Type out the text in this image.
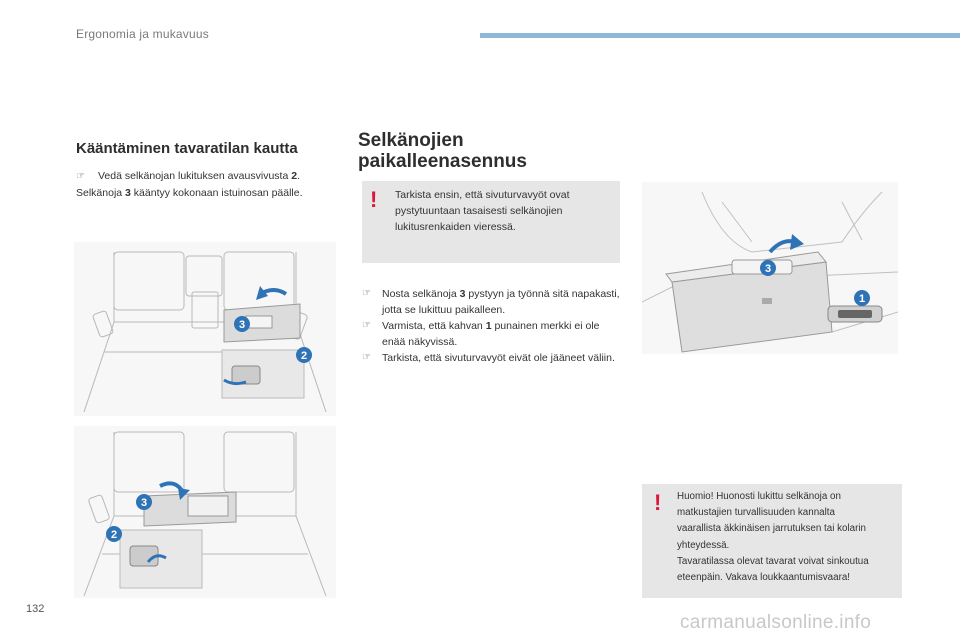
Ergonomia ja mukavuus
Kääntäminen tavaratilan kautta
☞ Vedä selkänojan lukituksen avausvivusta 2.
Selkänoja 3 kääntyy kokonaan istuinosan päälle.
3
2
3
2
Selkänojien
paikalleenasennus
! Tarkista ensin, että sivuturvavyöt ovat pystytuuntaan tasaisesti selkänojien lukitusrenkaiden vieressä.
☞	Nosta selkänoja 3 pystyyn ja työnnä sitä napakasti, jotta se lukittuu paikalleen.
☞	Varmista, että kahvan 1 punainen merkki ei ole enää näkyvissä.
☞	Tarkista, että sivuturvavyöt eivät ole jääneet väliin.
3
1
! Huomio! Huonosti lukittu selkänoja on
matkustajien turvallisuuden kannalta
vaarallista äkkinäisen jarrutuksen tai kolarin
yhteydessä.
Tavaratilassa olevat tavarat voivat sinkoutua
eteenpäin. Vakava loukkaantumisvaara!
132
carmanualsonline.info
